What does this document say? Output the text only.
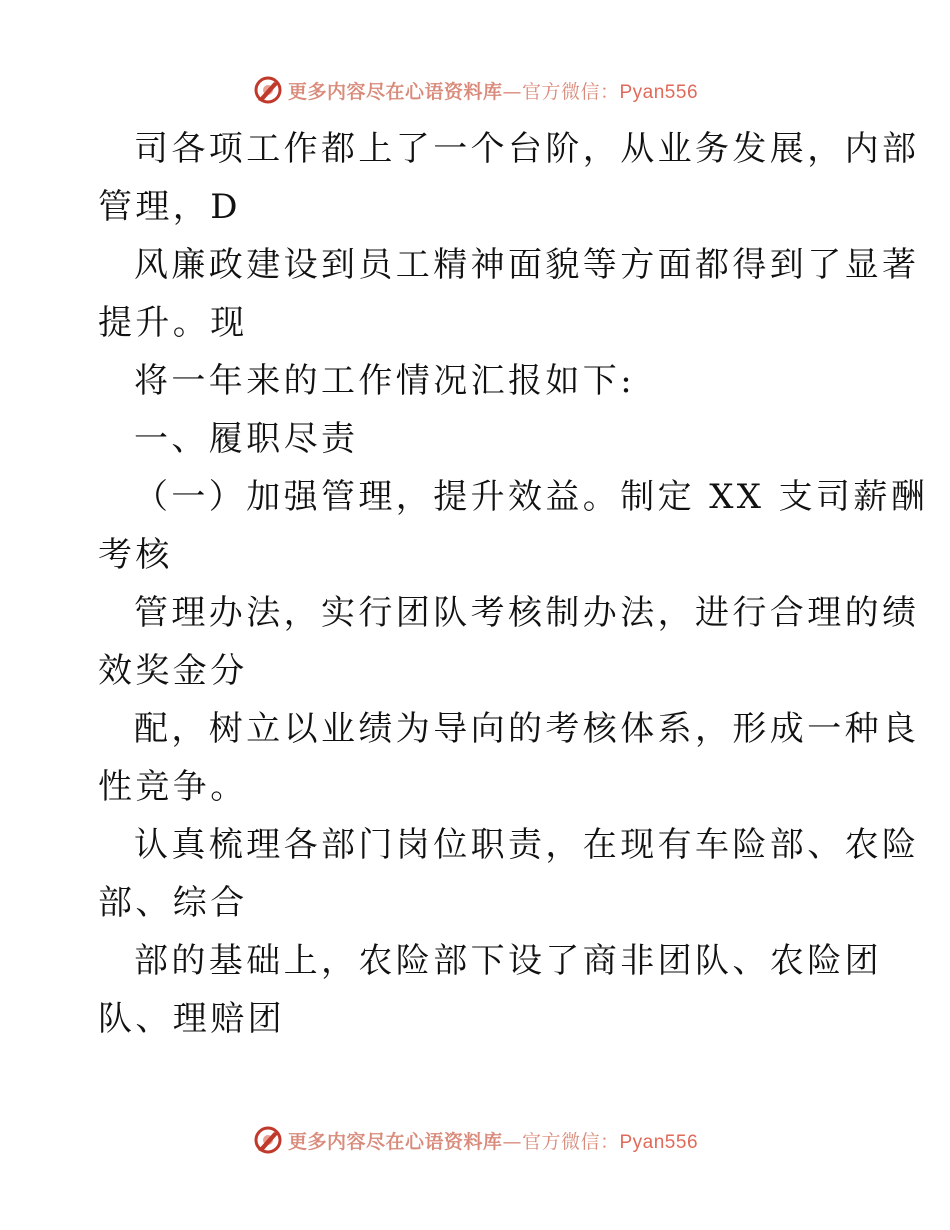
更多内容尽在心语资料库—官方微信：Pyan556
司各项工作都上了一个台阶，从业务发展，内部
管理，D
风廉政建设到员工精神面貌等方面都得到了显著
提升。现
将一年来的工作情况汇报如下:
一、履职尽责
（一）加强管理，提升效益。制定 XX 支司薪酬
考核
管理办法，实行团队考核制办法，进行合理的绩
效奖金分
配，树立以业绩为导向的考核体系，形成一种良
性竞争。
认真梳理各部门岗位职责，在现有车险部、农险
部、综合
部的基础上，农险部下设了商非团队、农险团
队、理赔团
更多内容尽在心语资料库—官方微信：Pyan556
